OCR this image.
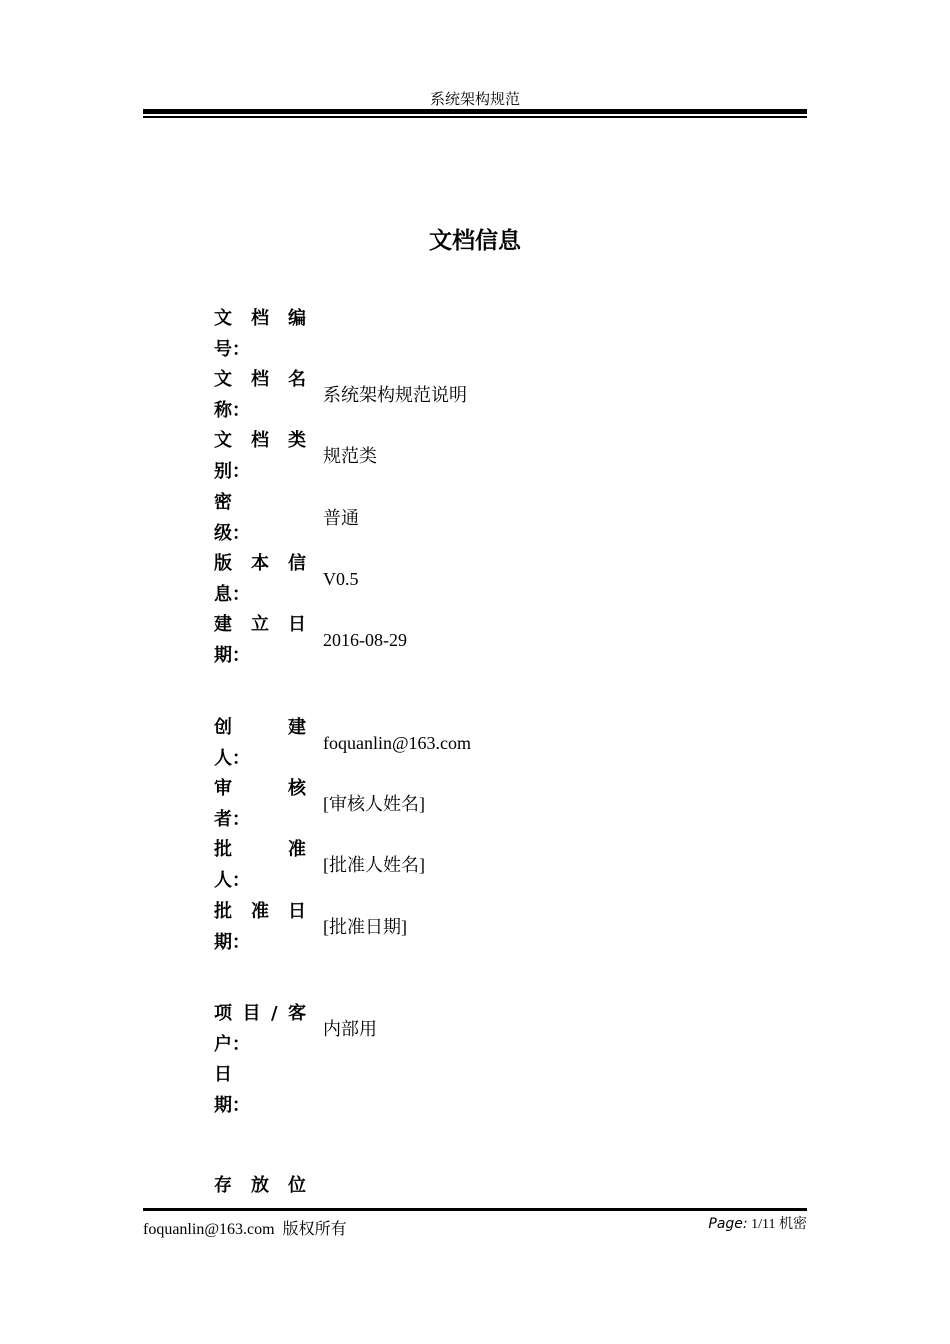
系统架构规范
文档信息
文 档 编
号：
文 档 名
称：
系统架构规范说明
文 档 类
别：
规范类
密
级：
普通
版 本 信
息：
V0.5
建 立 日
期：
2016-08-29
创	建
人：
foquanlin@163.com
审	核
者：
[审核人姓名]
批	准
人：
[批准人姓名]
批 准 日
期：
[批准日期]
项 目 / 客
户：
内部用
日
期：
存 放 位
foquanlin@163.com  版权所有	Page: 1/11 机密
